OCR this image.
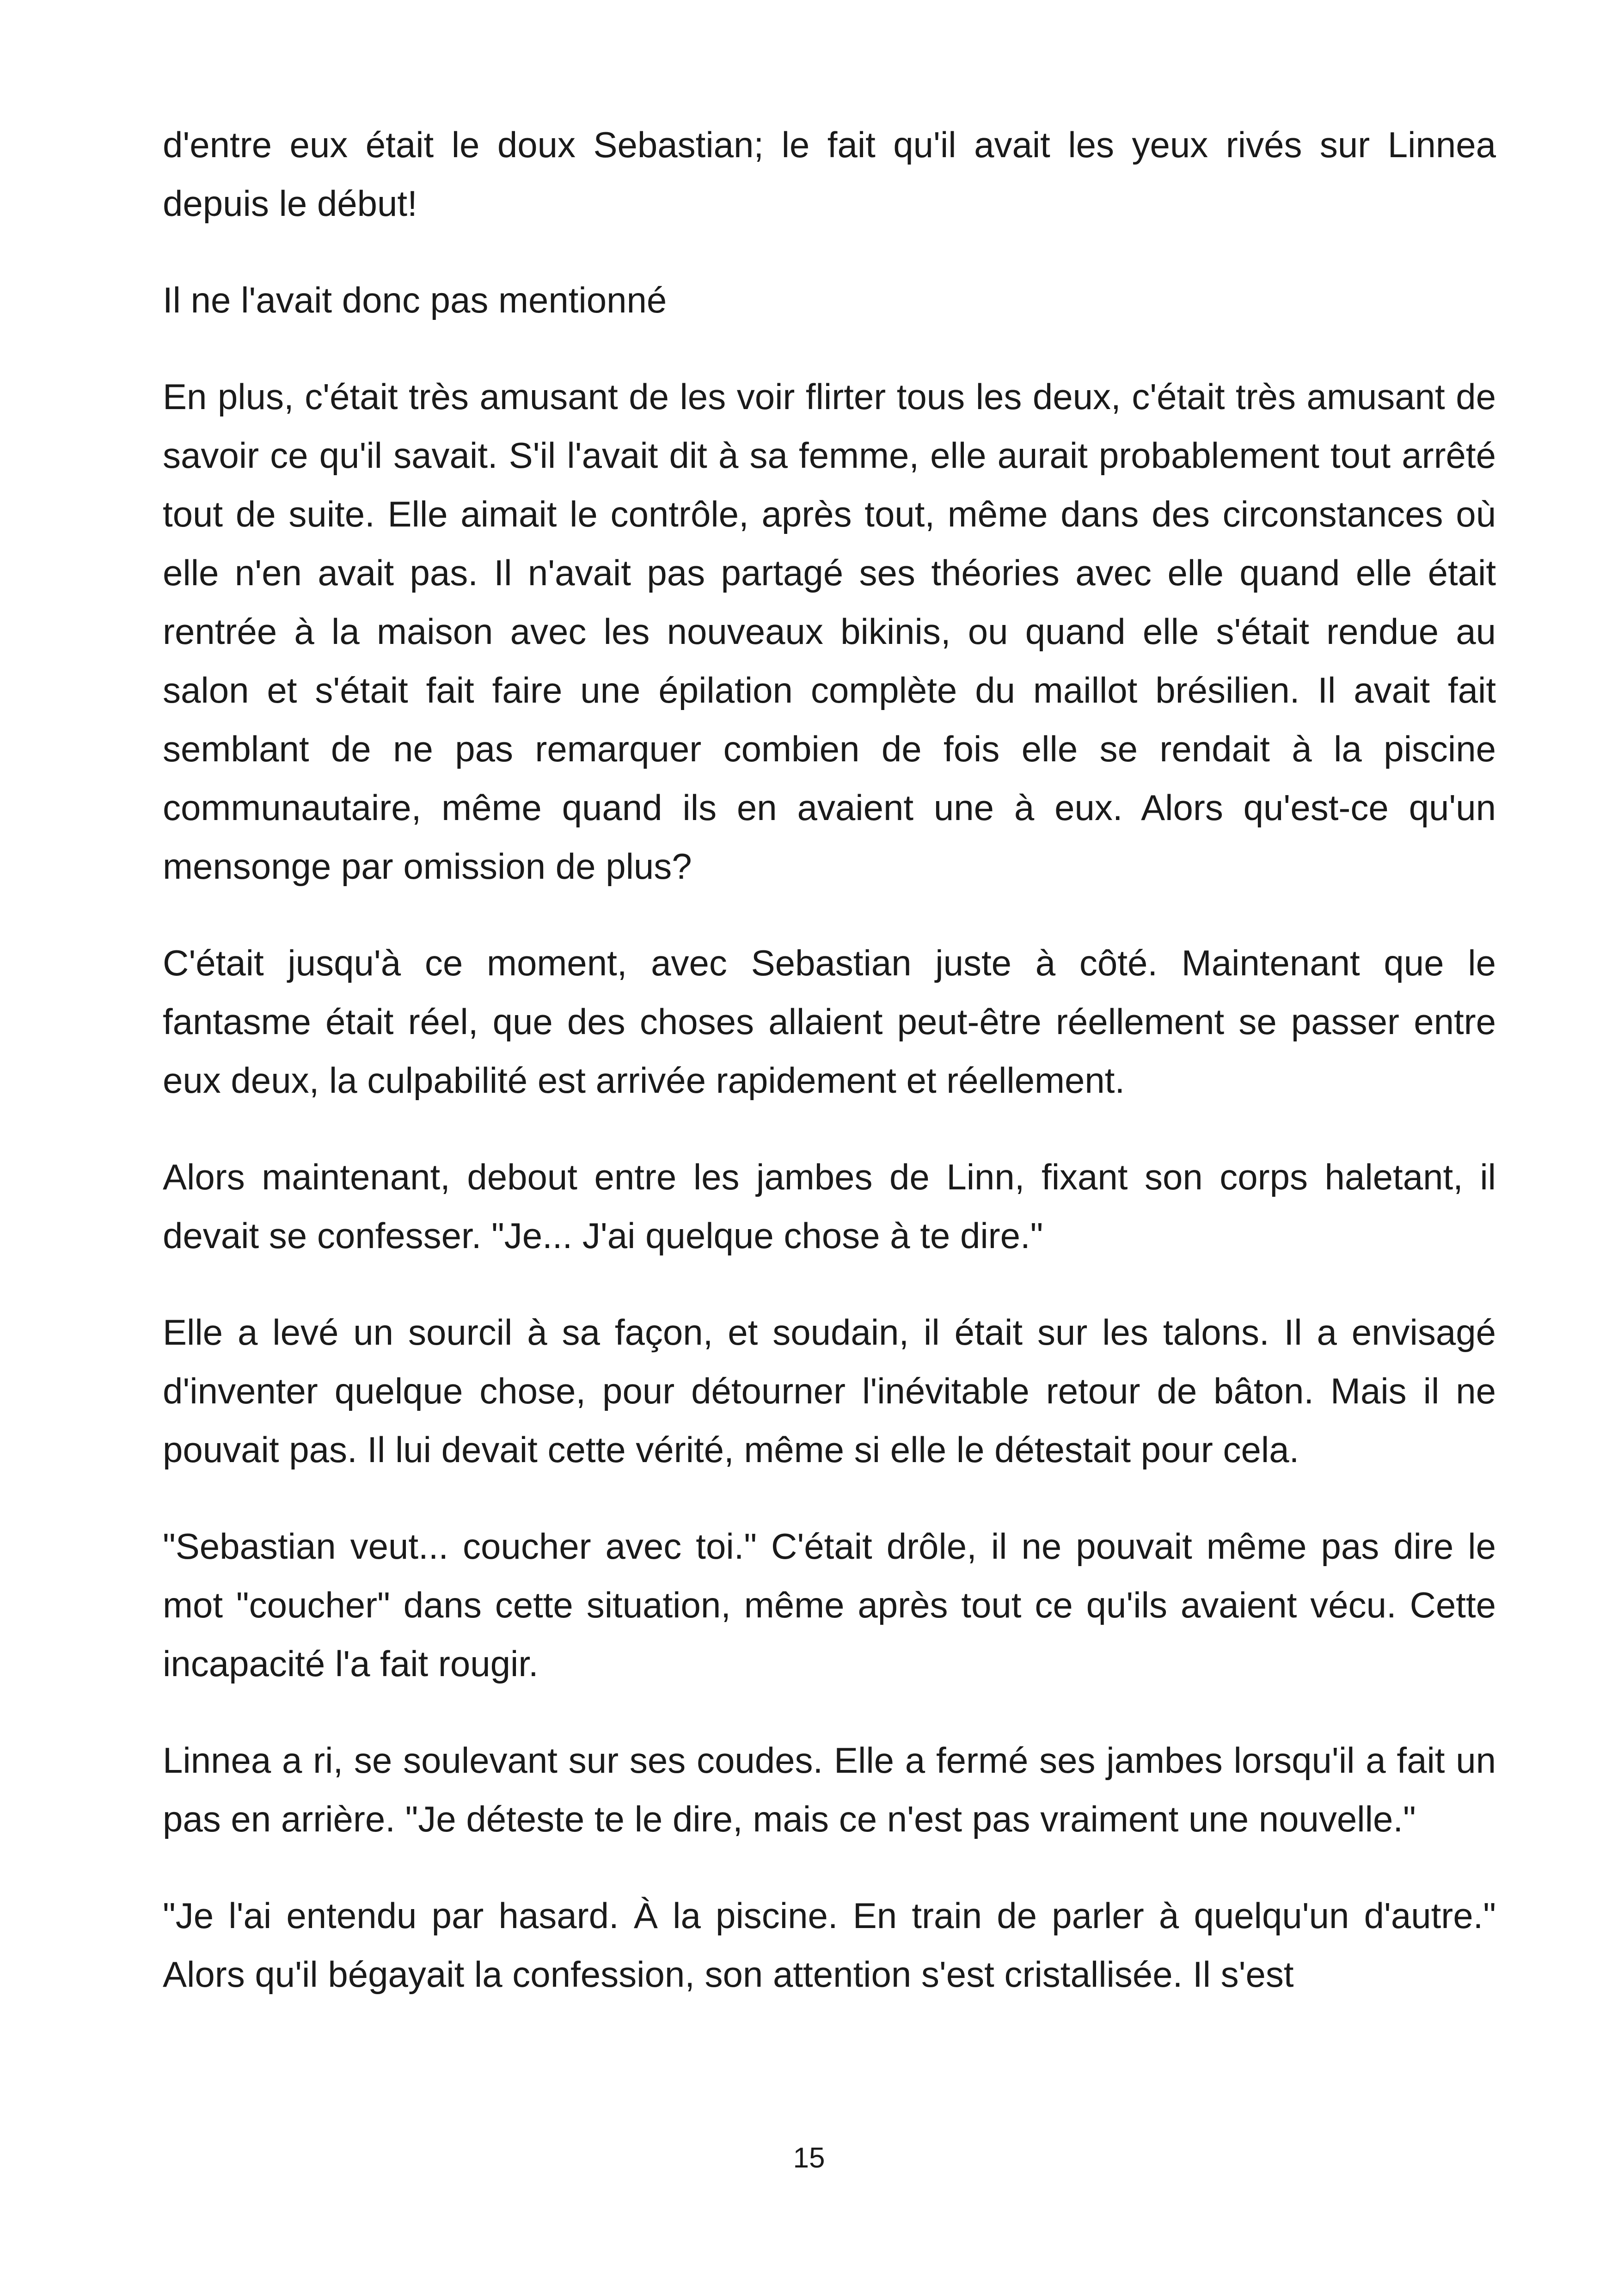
d'entre eux était le doux Sebastian; le fait qu'il avait les yeux rivés sur Linnea depuis le début!

Il ne l'avait donc pas mentionné

En plus, c'était très amusant de les voir flirter tous les deux, c'était très amusant de savoir ce qu'il savait. S'il l'avait dit à sa femme, elle aurait probablement tout arrêté tout de suite. Elle aimait le contrôle, après tout, même dans des circonstances où elle n'en avait pas. Il n'avait pas partagé ses théories avec elle quand elle était rentrée à la maison avec les nouveaux bikinis, ou quand elle s'était rendue au salon et s'était fait faire une épilation complète du maillot brésilien. Il avait fait semblant de ne pas remarquer combien de fois elle se rendait à la piscine communautaire, même quand ils en avaient une à eux. Alors qu'est-ce qu'un mensonge par omission de plus?

C'était jusqu'à ce moment, avec Sebastian juste à côté. Maintenant que le fantasme était réel, que des choses allaient peut-être réellement se passer entre eux deux, la culpabilité est arrivée rapidement et réellement.

Alors maintenant, debout entre les jambes de Linn, fixant son corps haletant, il devait se confesser. "Je... J'ai quelque chose à te dire."

Elle a levé un sourcil à sa façon, et soudain, il était sur les talons. Il a envisagé d'inventer quelque chose, pour détourner l'inévitable retour de bâton. Mais il ne pouvait pas. Il lui devait cette vérité, même si elle le détestait pour cela.

"Sebastian veut... coucher avec toi." C'était drôle, il ne pouvait même pas dire le mot "coucher" dans cette situation, même après tout ce qu'ils avaient vécu. Cette incapacité l'a fait rougir.

Linnea a ri, se soulevant sur ses coudes. Elle a fermé ses jambes lorsqu'il a fait un pas en arrière. "Je déteste te le dire, mais ce n'est pas vraiment une nouvelle."

"Je l'ai entendu par hasard. À la piscine. En train de parler à quelqu'un d'autre." Alors qu'il bégayait la confession, son attention s'est cristallisée. Il s'est

15
